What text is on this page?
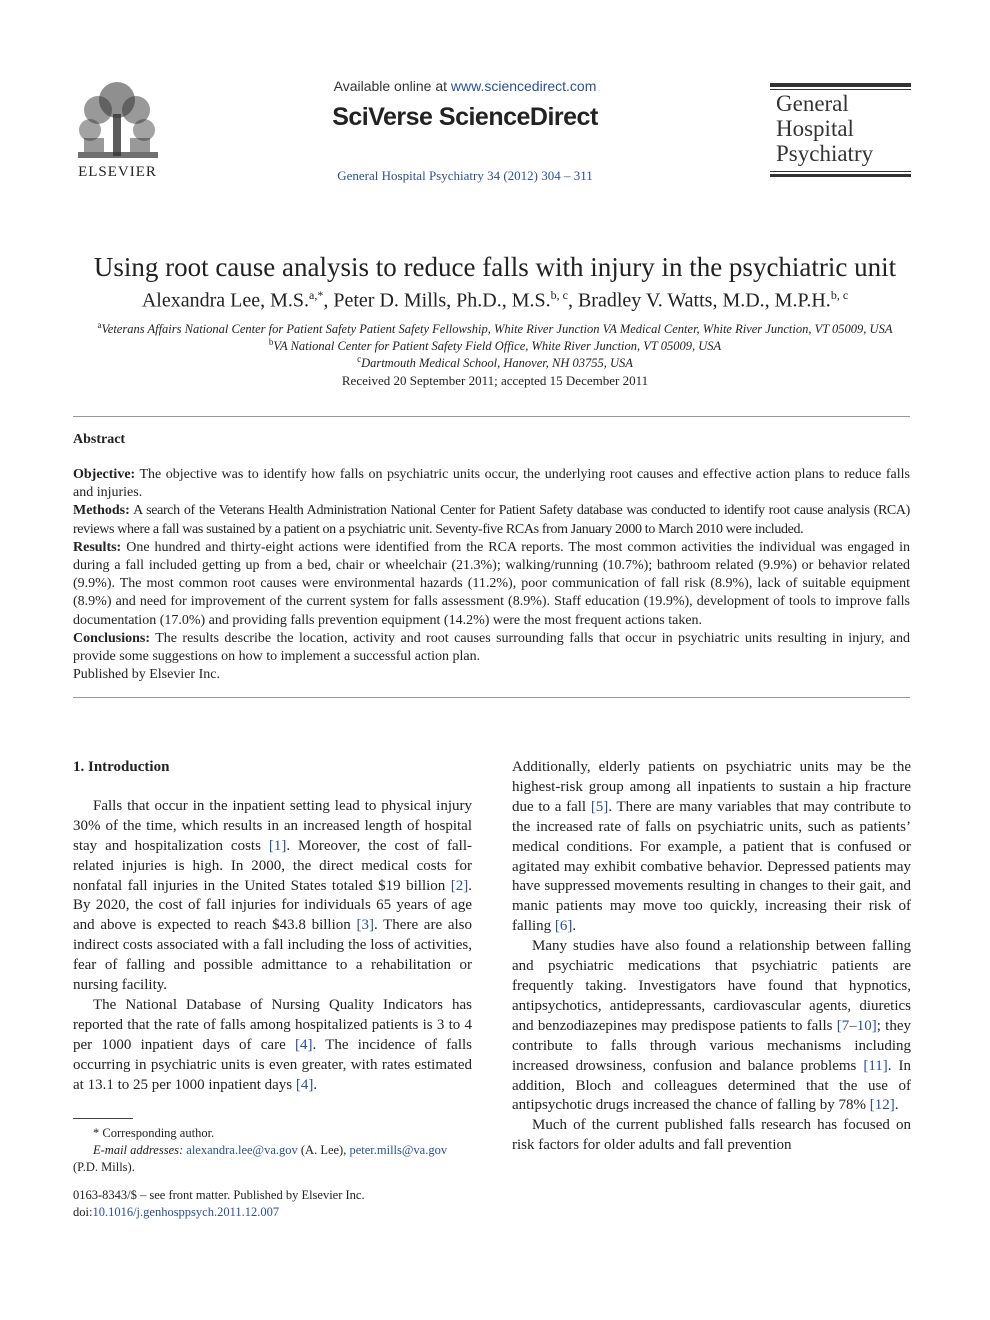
ELSEVIER
Available online at www.sciencedirect.com
SciVerse ScienceDirect
General Hospital Psychiatry 34 (2012) 304 – 311
General
Hospital
Psychiatry
Using root cause analysis to reduce falls with injury in the psychiatric unit
Alexandra Lee, M.S.$^{a,*}$, Peter D. Mills, Ph.D., M.S.$^{b, c}$, Bradley V. Watts, M.D., M.P.H.$^{b, c}$
$^a$Veterans Affairs National Center for Patient Safety Patient Safety Fellowship, White River Junction VA Medical Center, White River Junction, VT 05009, USA
$^b$VA National Center for Patient Safety Field Office, White River Junction, VT 05009, USA
$^c$Dartmouth Medical School, Hanover, NH 03755, USA
Received 20 September 2011; accepted 15 December 2011
Abstract

Objective: The objective was to identify how falls on psychiatric units occur, the underlying root causes and effective action plans to reduce falls and injuries.

Methods: A search of the Veterans Health Administration National Center for Patient Safety database was conducted to identify root cause analysis (RCA) reviews where a fall was sustained by a patient on a psychiatric unit. Seventy-five RCAs from January 2000 to March 2010 were included.

Results: One hundred and thirty-eight actions were identified from the RCA reports. The most common activities the individual was engaged in during a fall included getting up from a bed, chair or wheelchair (21.3%); walking/running (10.7%); bathroom related (9.9%) or behavior related (9.9%). The most common root causes were environmental hazards (11.2%), poor communication of fall risk (8.9%), lack of suitable equipment (8.9%) and need for improvement of the current system for falls assessment (8.9%). Staff education (19.9%), development of tools to improve falls documentation (17.0%) and providing falls prevention equipment (14.2%) were the most frequent actions taken.

Conclusions: The results describe the location, activity and root causes surrounding falls that occur in psychiatric units resulting in injury, and provide some suggestions on how to implement a successful action plan.

Published by Elsevier Inc.

1. Introduction

Falls that occur in the inpatient setting lead to physical injury 30% of the time, which results in an increased length of hospital stay and hospitalization costs [1]. Moreover, the cost of fall-related injuries is high. In 2000, the direct medical costs for nonfatal fall injuries in the United States totaled $19 billion [2]. By 2020, the cost of fall injuries for individuals 65 years of age and above is expected to reach $43.8 billion [3]. There are also indirect costs associated with a fall including the loss of activities, fear of falling and possible admittance to a rehabilitation or nursing facility.

The National Database of Nursing Quality Indicators has reported that the rate of falls among hospitalized patients is 3 to 4 per 1000 inpatient days of care [4]. The incidence of falls occurring in psychiatric units is even greater, with rates estimated at 13.1 to 25 per 1000 inpatient days [4].

Additionally, elderly patients on psychiatric units may be the highest-risk group among all inpatients to sustain a hip fracture due to a fall [5]. There are many variables that may contribute to the increased rate of falls on psychiatric units, such as patients’ medical conditions. For example, a patient that is confused or agitated may exhibit combative behavior. Depressed patients may have suppressed movements resulting in changes to their gait, and manic patients may move too quickly, increasing their risk of falling [6].

Many studies have also found a relationship between falling and psychiatric medications that psychiatric patients are frequently taking. Investigators have found that hypnotics, antipsychotics, antidepressants, cardiovascular agents, diuretics and benzodiazepines may predispose patients to falls [7–10]; they contribute to falls through various mechanisms including increased drowsiness, confusion and balance problems [11]. In addition, Bloch and colleagues determined that the use of antipsychotic drugs increased the chance of falling by 78% [12].

Much of the current published falls research has focused on risk factors for older adults and fall prevention

* Corresponding author.

E-mail addresses: alexandra.lee@va.gov (A. Lee), peter.mills@va.gov

(P.D. Mills).

0163-8343/$ – see front matter. Published by Elsevier Inc.

doi:10.1016/j.genhosppsych.2011.12.007
